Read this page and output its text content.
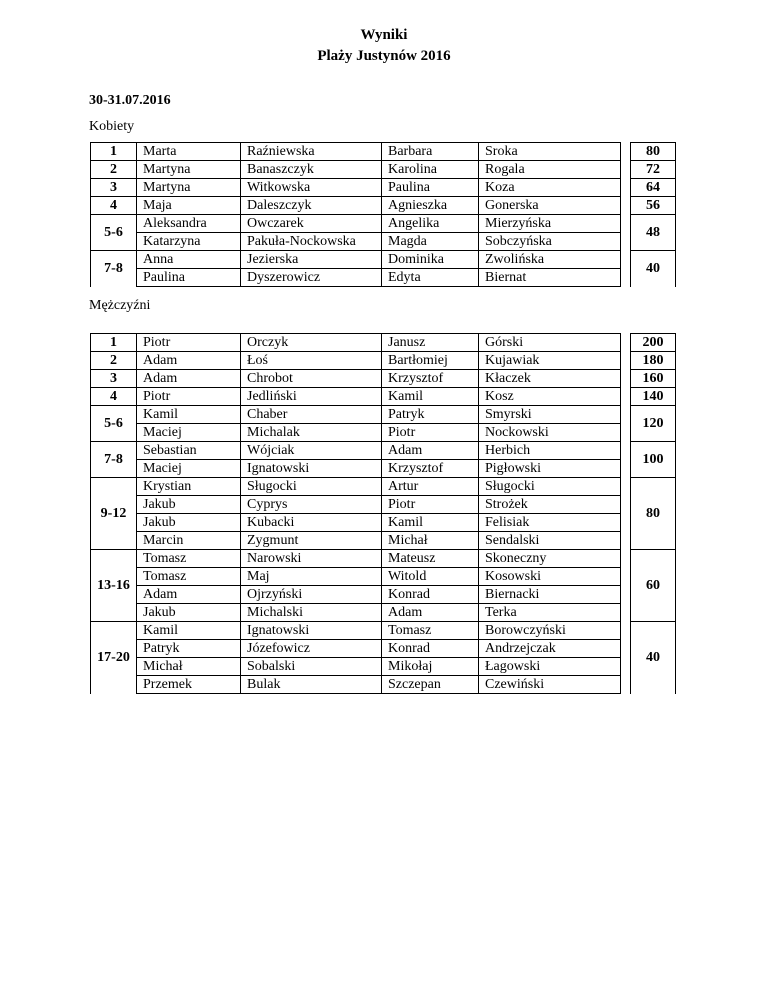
Wyniki
Plaży Justynów 2016
30-31.07.2016
Kobiety
1	Marta	Raźniewska	Barbara	Sroka		80
2	Martyna	Banaszczyk	Karolina	Rogala		72
3	Martyna	Witkowska	Paulina	Koza		64
4	Maja	Daleszczyk	Agnieszka	Gonerska		56
5-6	Aleksandra	Owczarek	Angelika	Mierzyńska		48
	Katarzyna	Pakuła-Nockowska	Magda	Sobczyńska		
7-8	Anna	Jezierska	Dominika	Zwolińska		40
	Paulina	Dyszerowicz	Edyta	Biernat		
Mężczyźni
1	Piotr	Orczyk	Janusz	Górski		200
2	Adam	Łoś	Bartłomiej	Kujawiak		180
3	Adam	Chrobot	Krzysztof	Kłaczek		160
4	Piotr	Jedliński	Kamil	Kosz		140
5-6	Kamil	Chaber	Patryk	Smyrski		120
	Maciej	Michalak	Piotr	Nockowski		
7-8	Sebastian	Wójciak	Adam	Herbich		100
	Maciej	Ignatowski	Krzysztof	Pigłowski		
9-12	Krystian	Sługocki	Artur	Sługocki		80
	Jakub	Cyprys	Piotr	Strożek		
	Jakub	Kubacki	Kamil	Felisiak		
	Marcin	Zygmunt	Michał	Sendalski		
13-16	Tomasz	Narowski	Mateusz	Skoneczny		60
	Tomasz	Maj	Witold	Kosowski		
	Adam	Ojrzyński	Konrad	Biernacki		
	Jakub	Michalski	Adam	Terka		
17-20	Kamil	Ignatowski	Tomasz	Borowczyński		40
	Patryk	Józefowicz	Konrad	Andrzejczak		
	Michał	Sobalski	Mikołaj	Łagowski		
	Przemek	Bulak	Szczepan	Czewiński		
